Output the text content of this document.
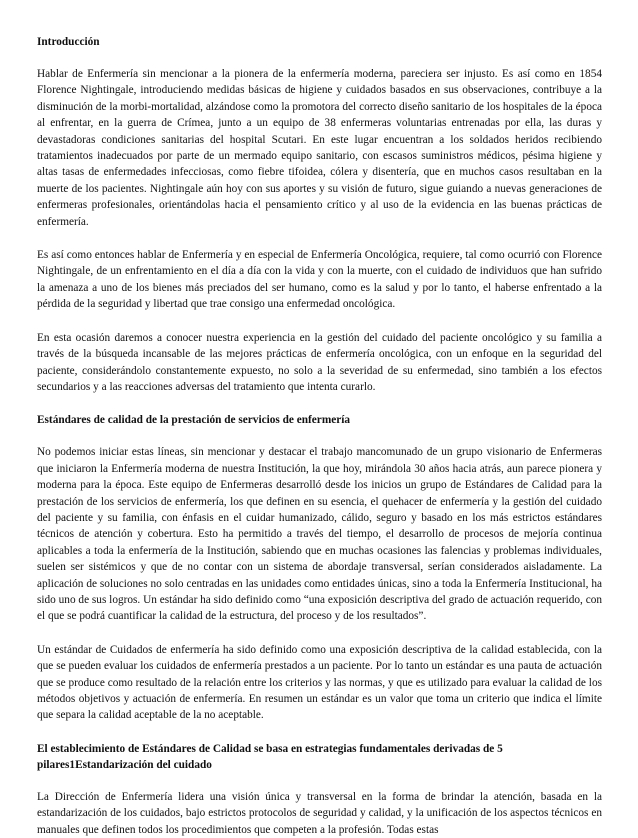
Introducción

Hablar de Enfermería sin mencionar a la pionera de la enfermería moderna, pareciera ser injusto. Es así como en 1854 Florence Nightingale, introduciendo medidas básicas de higiene y cuidados basados en sus observaciones, contribuye a la disminución de la morbi-mortalidad, alzándose como la promotora del correcto diseño sanitario de los hospitales de la época al enfrentar, en la guerra de Crímea, junto a un equipo de 38 enfermeras voluntarias entrenadas por ella, las duras y devastadoras condiciones sanitarias del hospital Scutari. En este lugar encuentran a los soldados heridos recibiendo tratamientos inadecuados por parte de un mermado equipo sanitario, con escasos suministros médicos, pésima higiene y altas tasas de enfermedades infecciosas, como fiebre tifoidea, cólera y disentería, que en muchos casos resultaban en la muerte de los pacientes. Nightingale aún hoy con sus aportes y su visión de futuro, sigue guiando a nuevas generaciones de enfermeras profesionales, orientándolas hacia el pensamiento crítico y al uso de la evidencia en las buenas prácticas de enfermería.

Es así como entonces hablar de Enfermería y en especial de Enfermería Oncológica, requiere, tal como ocurrió con Florence Nightingale, de un enfrentamiento en el día a día con la vida y con la muerte, con el cuidado de individuos que han sufrido la amenaza a uno de los bienes más preciados del ser humano, como es la salud y por lo tanto, el haberse enfrentado a la pérdida de la seguridad y libertad que trae consigo una enfermedad oncológica.

En esta ocasión daremos a conocer nuestra experiencia en la gestión del cuidado del paciente oncológico y su familia a través de la búsqueda incansable de las mejores prácticas de enfermería oncológica, con un enfoque en la seguridad del paciente, considerándolo constantemente expuesto, no solo a la severidad de su enfermedad, sino también a los efectos secundarios y a las reacciones adversas del tratamiento que intenta curarlo.

Estándares de calidad de la prestación de servicios de enfermería

No podemos iniciar estas líneas, sin mencionar y destacar el trabajo mancomunado de un grupo visionario de Enfermeras que iniciaron la Enfermería moderna de nuestra Institución, la que hoy, mirándola 30 años hacia atrás, aun parece pionera y moderna para la época. Este equipo de Enfermeras desarrolló desde los inicios un grupo de Estándares de Calidad para la prestación de los servicios de enfermería, los que definen en su esencia, el quehacer de enfermería y la gestión del cuidado del paciente y su familia, con énfasis en el cuidar humanizado, cálido, seguro y basado en los más estrictos estándares técnicos de atención y cobertura. Esto ha permitido a través del tiempo, el desarrollo de procesos de mejoría continua aplicables a toda la enfermería de la Institución, sabiendo que en muchas ocasiones las falencias y problemas individuales, suelen ser sistémicos y que de no contar con un sistema de abordaje transversal, serían considerados aisladamente. La aplicación de soluciones no solo centradas en las unidades como entidades únicas, sino a toda la Enfermería Institucional, ha sido uno de sus logros. Un estándar ha sido definido como “una exposición descriptiva del grado de actuación requerido, con el que se podrá cuantificar la calidad de la estructura, del proceso y de los resultados”.

Un estándar de Cuidados de enfermería ha sido definido como una exposición descriptiva de la calidad establecida, con la que se pueden evaluar los cuidados de enfermería prestados a un paciente. Por lo tanto un estándar es una pauta de actuación que se produce como resultado de la relación entre los criterios y las normas, y que es utilizado para evaluar la calidad de los métodos objetivos y actuación de enfermería. En resumen un estándar es un valor que toma un criterio que indica el límite que separa la calidad aceptable de la no aceptable.

El establecimiento de Estándares de Calidad se basa en estrategias fundamentales derivadas de 5
pilares1Estandarización del cuidado

La Dirección de Enfermería lidera una visión única y transversal en la forma de brindar la atención, basada en la estandarización de los cuidados, bajo estrictos protocolos de seguridad y calidad, y la unificación de los aspectos técnicos en manuales que definen todos los procedimientos que competen a la profesión. Todas estas
